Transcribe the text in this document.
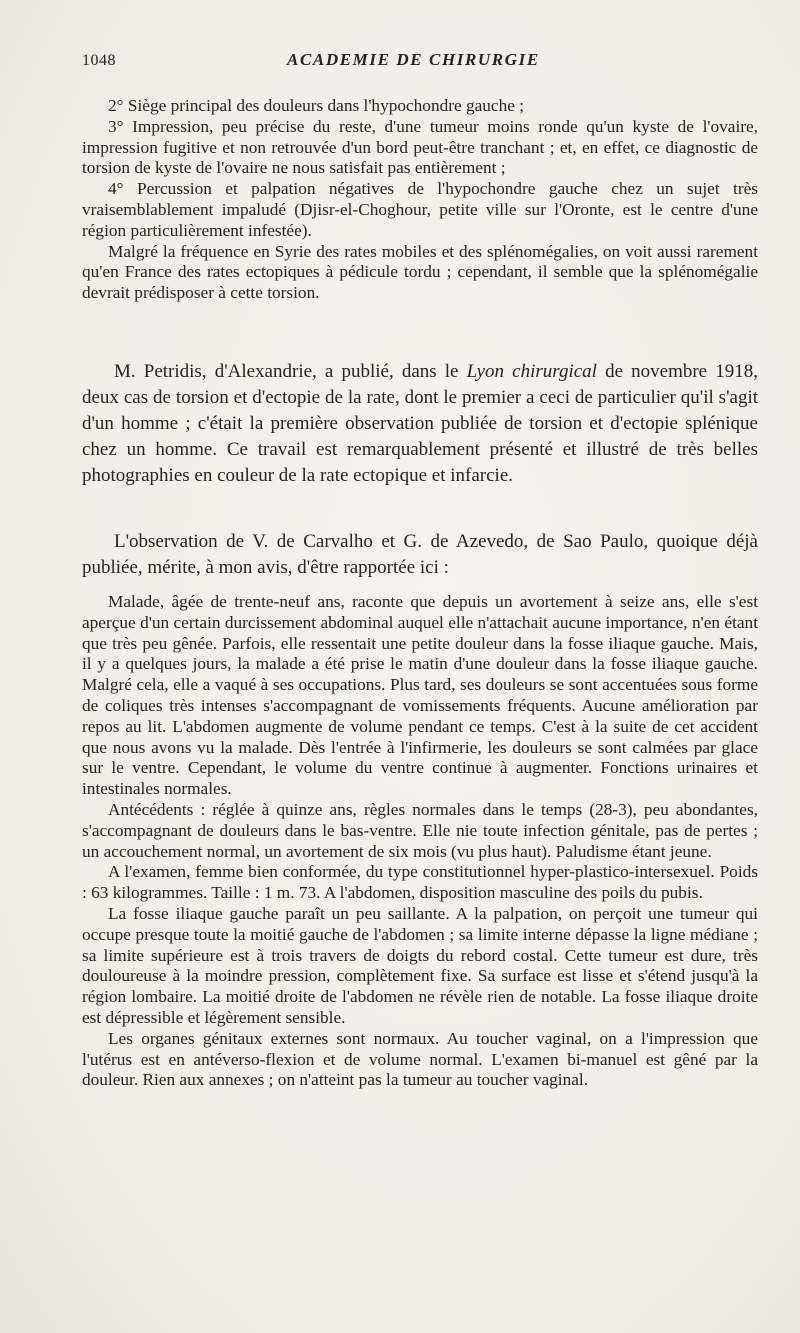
1048	ACADEMIE DE CHIRURGIE

2° Siège principal des douleurs dans l'hypochondre gauche ;

3° Impression, peu précise du reste, d'une tumeur moins ronde qu'un kyste de l'ovaire, impression fugitive et non retrouvée d'un bord peut-être tranchant ; et, en effet, ce diagnostic de torsion de kyste de l'ovaire ne nous satisfait pas entièrement ;

4° Percussion et palpation négatives de l'hypochondre gauche chez un sujet très vraisemblablement impaludé (Djisr-el-Choghour, petite ville sur l'Oronte, est le centre d'une région particulièrement infestée).

Malgré la fréquence en Syrie des rates mobiles et des splénomégalies, on voit aussi rarement qu'en France des rates ectopiques à pédicule tordu ; cependant, il semble que la splénomégalie devrait prédisposer à cette torsion.

M. Petridis, d'Alexandrie, a publié, dans le Lyon chirurgical de novembre 1918, deux cas de torsion et d'ectopie de la rate, dont le premier a ceci de particulier qu'il s'agit d'un homme ; c'était la première observation publiée de torsion et d'ectopie splénique chez un homme. Ce travail est remarquablement présenté et illustré de très belles photographies en couleur de la rate ectopique et infarcie.

L'observation de V. de Carvalho et G. de Azevedo, de Sao Paulo, quoique déjà publiée, mérite, à mon avis, d'être rapportée ici :

Malade, âgée de trente-neuf ans, raconte que depuis un avortement à seize ans, elle s'est aperçue d'un certain durcissement abdominal auquel elle n'attachait aucune importance, n'en étant que très peu gênée. Parfois, elle ressentait une petite douleur dans la fosse iliaque gauche. Mais, il y a quelques jours, la malade a été prise le matin d'une douleur dans la fosse iliaque gauche. Malgré cela, elle a vaqué à ses occupations. Plus tard, ses douleurs se sont accentuées sous forme de coliques très intenses s'accompagnant de vomissements fréquents. Aucune amélioration par repos au lit. L'abdomen augmente de volume pendant ce temps. C'est à la suite de cet accident que nous avons vu la malade. Dès l'entrée à l'infirmerie, les douleurs se sont calmées par glace sur le ventre. Cependant, le volume du ventre continue à augmenter. Fonctions urinaires et intestinales normales.

Antécédents : réglée à quinze ans, règles normales dans le temps (28-3), peu abondantes, s'accompagnant de douleurs dans le bas-ventre. Elle nie toute infection génitale, pas de pertes ; un accouchement normal, un avortement de six mois (vu plus haut). Paludisme étant jeune.

A l'examen, femme bien conformée, du type constitutionnel hyper-plastico-intersexuel. Poids : 63 kilogrammes. Taille : 1 m. 73. A l'abdomen, disposition masculine des poils du pubis.

La fosse iliaque gauche paraît un peu saillante. A la palpation, on perçoit une tumeur qui occupe presque toute la moitié gauche de l'abdomen ; sa limite interne dépasse la ligne médiane ; sa limite supérieure est à trois travers de doigts du rebord costal. Cette tumeur est dure, très douloureuse à la moindre pression, complètement fixe. Sa surface est lisse et s'étend jusqu'à la région lombaire. La moitié droite de l'abdomen ne révèle rien de notable. La fosse iliaque droite est dépressible et légèrement sensible.

Les organes génitaux externes sont normaux. Au toucher vaginal, on a l'impression que l'utérus est en antéverso-flexion et de volume normal. L'examen bi-manuel est gêné par la douleur. Rien aux annexes ; on n'atteint pas la tumeur au toucher vaginal.
